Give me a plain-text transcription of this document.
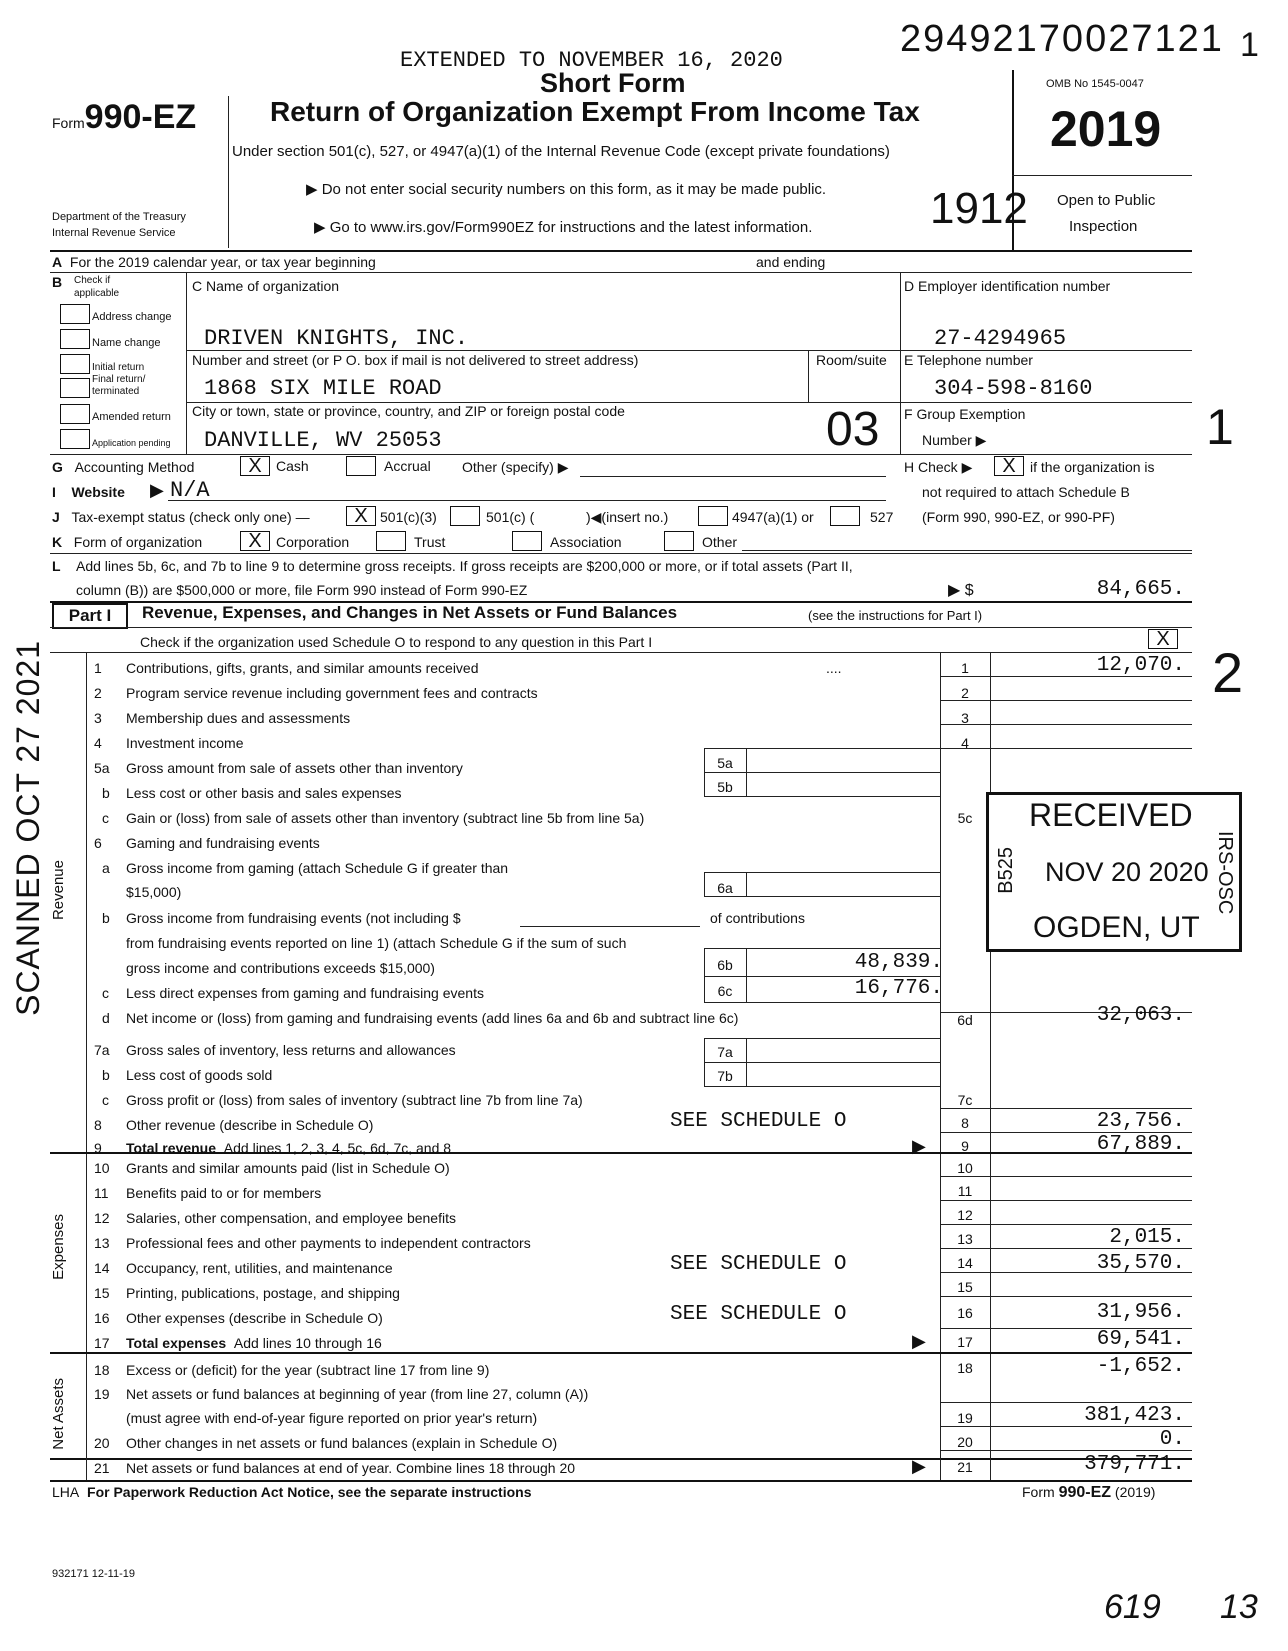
29492170027121 1
EXTENDED TO NOVEMBER 16, 2020
Short Form
Form990-EZ	Return of Organization Exempt From Income Tax
Under section 501(c), 527, or 4947(a)(1) of the Internal Revenue Code (except private foundations)
▶ Do not enter social security numbers on this form, as it may be made public.
▶ Go to www.irs.gov/Form990EZ for instructions and the latest information.	1912
Department of the Treasury
Internal Revenue Service
OMB No 1545-0047
2019
Open to Public
Inspection
A For the 2019 calendar year, or tax year beginning	and ending
B Check if
applicable
Address change
Name change
Initial return
Final return/
terminated
Amended return
Application pending
C Name of organization
DRIVEN KNIGHTS, INC.
Number and street (or P O. box if mail is not delivered to street address)	Room/suite
1868 SIX MILE ROAD
City or town, state or province, country, and ZIP or foreign postal code
DANVILLE, WV 25053	03
D Employer identification number
27-4294965
E Telephone number
304-598-8160
F Group Exemption
Number ▶	1
G Accounting Method	X	Cash	Accrual Other (specify) ▶	H Check ▶	X	if the organization is
not required to attach Schedule B
(Form 990, 990-EZ, or 990-PF)
I Website ▶ N/A
J Tax-exempt status (check only one) —	X 501(c)(3)	501(c) (	)◀(insert no.)	4947(a)(1) or	527
K Form of organization	X	Corporation	Trust	Association	Other
L Add lines 5b, 6c, and 7b to line 9 to determine gross receipts. If gross receipts are $200,000 or more, or if total assets (Part II,
column (B)) are $500,000 or more, file Form 990 instead of Form 990-EZ	▶ $	84,665.
Part I	Revenue, Expenses, and Changes in Net Assets or Fund Balances	(see the instructions for Part I)
Check if the organization used Schedule O to respond to any question in this Part I	X
Revenue
Expenses
Net Assets
SCANNED OCT 27 2021	1	Contributions, gifts, grants, and similar amounts received	....	1	12,070. 2
2	Program service revenue including government fees and contracts	2
3	Membership dues and assessments	3
4	Investment income	4
5a	Gross amount from sale of assets other than inventory	5a
b	Less cost or other basis and sales expenses	5b
c	Gain or (loss) from sale of assets other than inventory (subtract line 5b from line 5a)	5c
6	Gaming and fundraising events
a	Gross income from gaming (attach Schedule G if greater than
$15,000)	6a
b	Gross income from fundraising events (not including $	of contributions
from fundraising events reported on line 1) (attach Schedule G if the sum of such
gross income and contributions exceeds $15,000)	6b	48,839.
c	Less direct expenses from gaming and fundraising events	6c	16,776.
d	Net income or (loss) from gaming and fundraising events (add lines 6a and 6b and subtract line 6c)	6d	32,063.
7a	Gross sales of inventory, less returns and allowances	7a
b	Less cost of goods sold	7b
c	Gross profit or (loss) from sales of inventory (subtract line 7b from line 7a)	7c
8	Other revenue (describe in Schedule O)	SEE SCHEDULE O	8	23,756.
9	Total revenue Add lines 1, 2, 3, 4, 5c, 6d, 7c, and 8	▶	9	67,889.
10	Grants and similar amounts paid (list in Schedule O)	10
11	Benefits paid to or for members	11
12	Salaries, other compensation, and employee benefits	12
13	Professional fees and other payments to independent contractors	13	2,015.
14	Occupancy, rent, utilities, and maintenance	SEE SCHEDULE O	14	35,570.
15	Printing, publications, postage, and shipping	15
16	Other expenses (describe in Schedule O)	SEE SCHEDULE O	16	31,956.
17	Total expenses Add lines 10 through 16	▶	17	69,541.
18	Excess or (deficit) for the year (subtract line 17 from line 9)	18	-1,652.
19	Net assets or fund balances at beginning of year (from line 27, column (A))
(must agree with end-of-year figure reported on prior year's return)	19	381,423.
20	Other changes in net assets or fund balances (explain in Schedule O)	20	0.
21	Net assets or fund balances at end of year. Combine lines 18 through 20	▶	21	379,771.
RECEIVED
B525 NOV 20 2020 IRS-OSC
OGDEN, UT
LHA For Paperwork Reduction Act Notice, see the separate instructions	Form 990-EZ (2019)
932171 12-11-19
619 13
